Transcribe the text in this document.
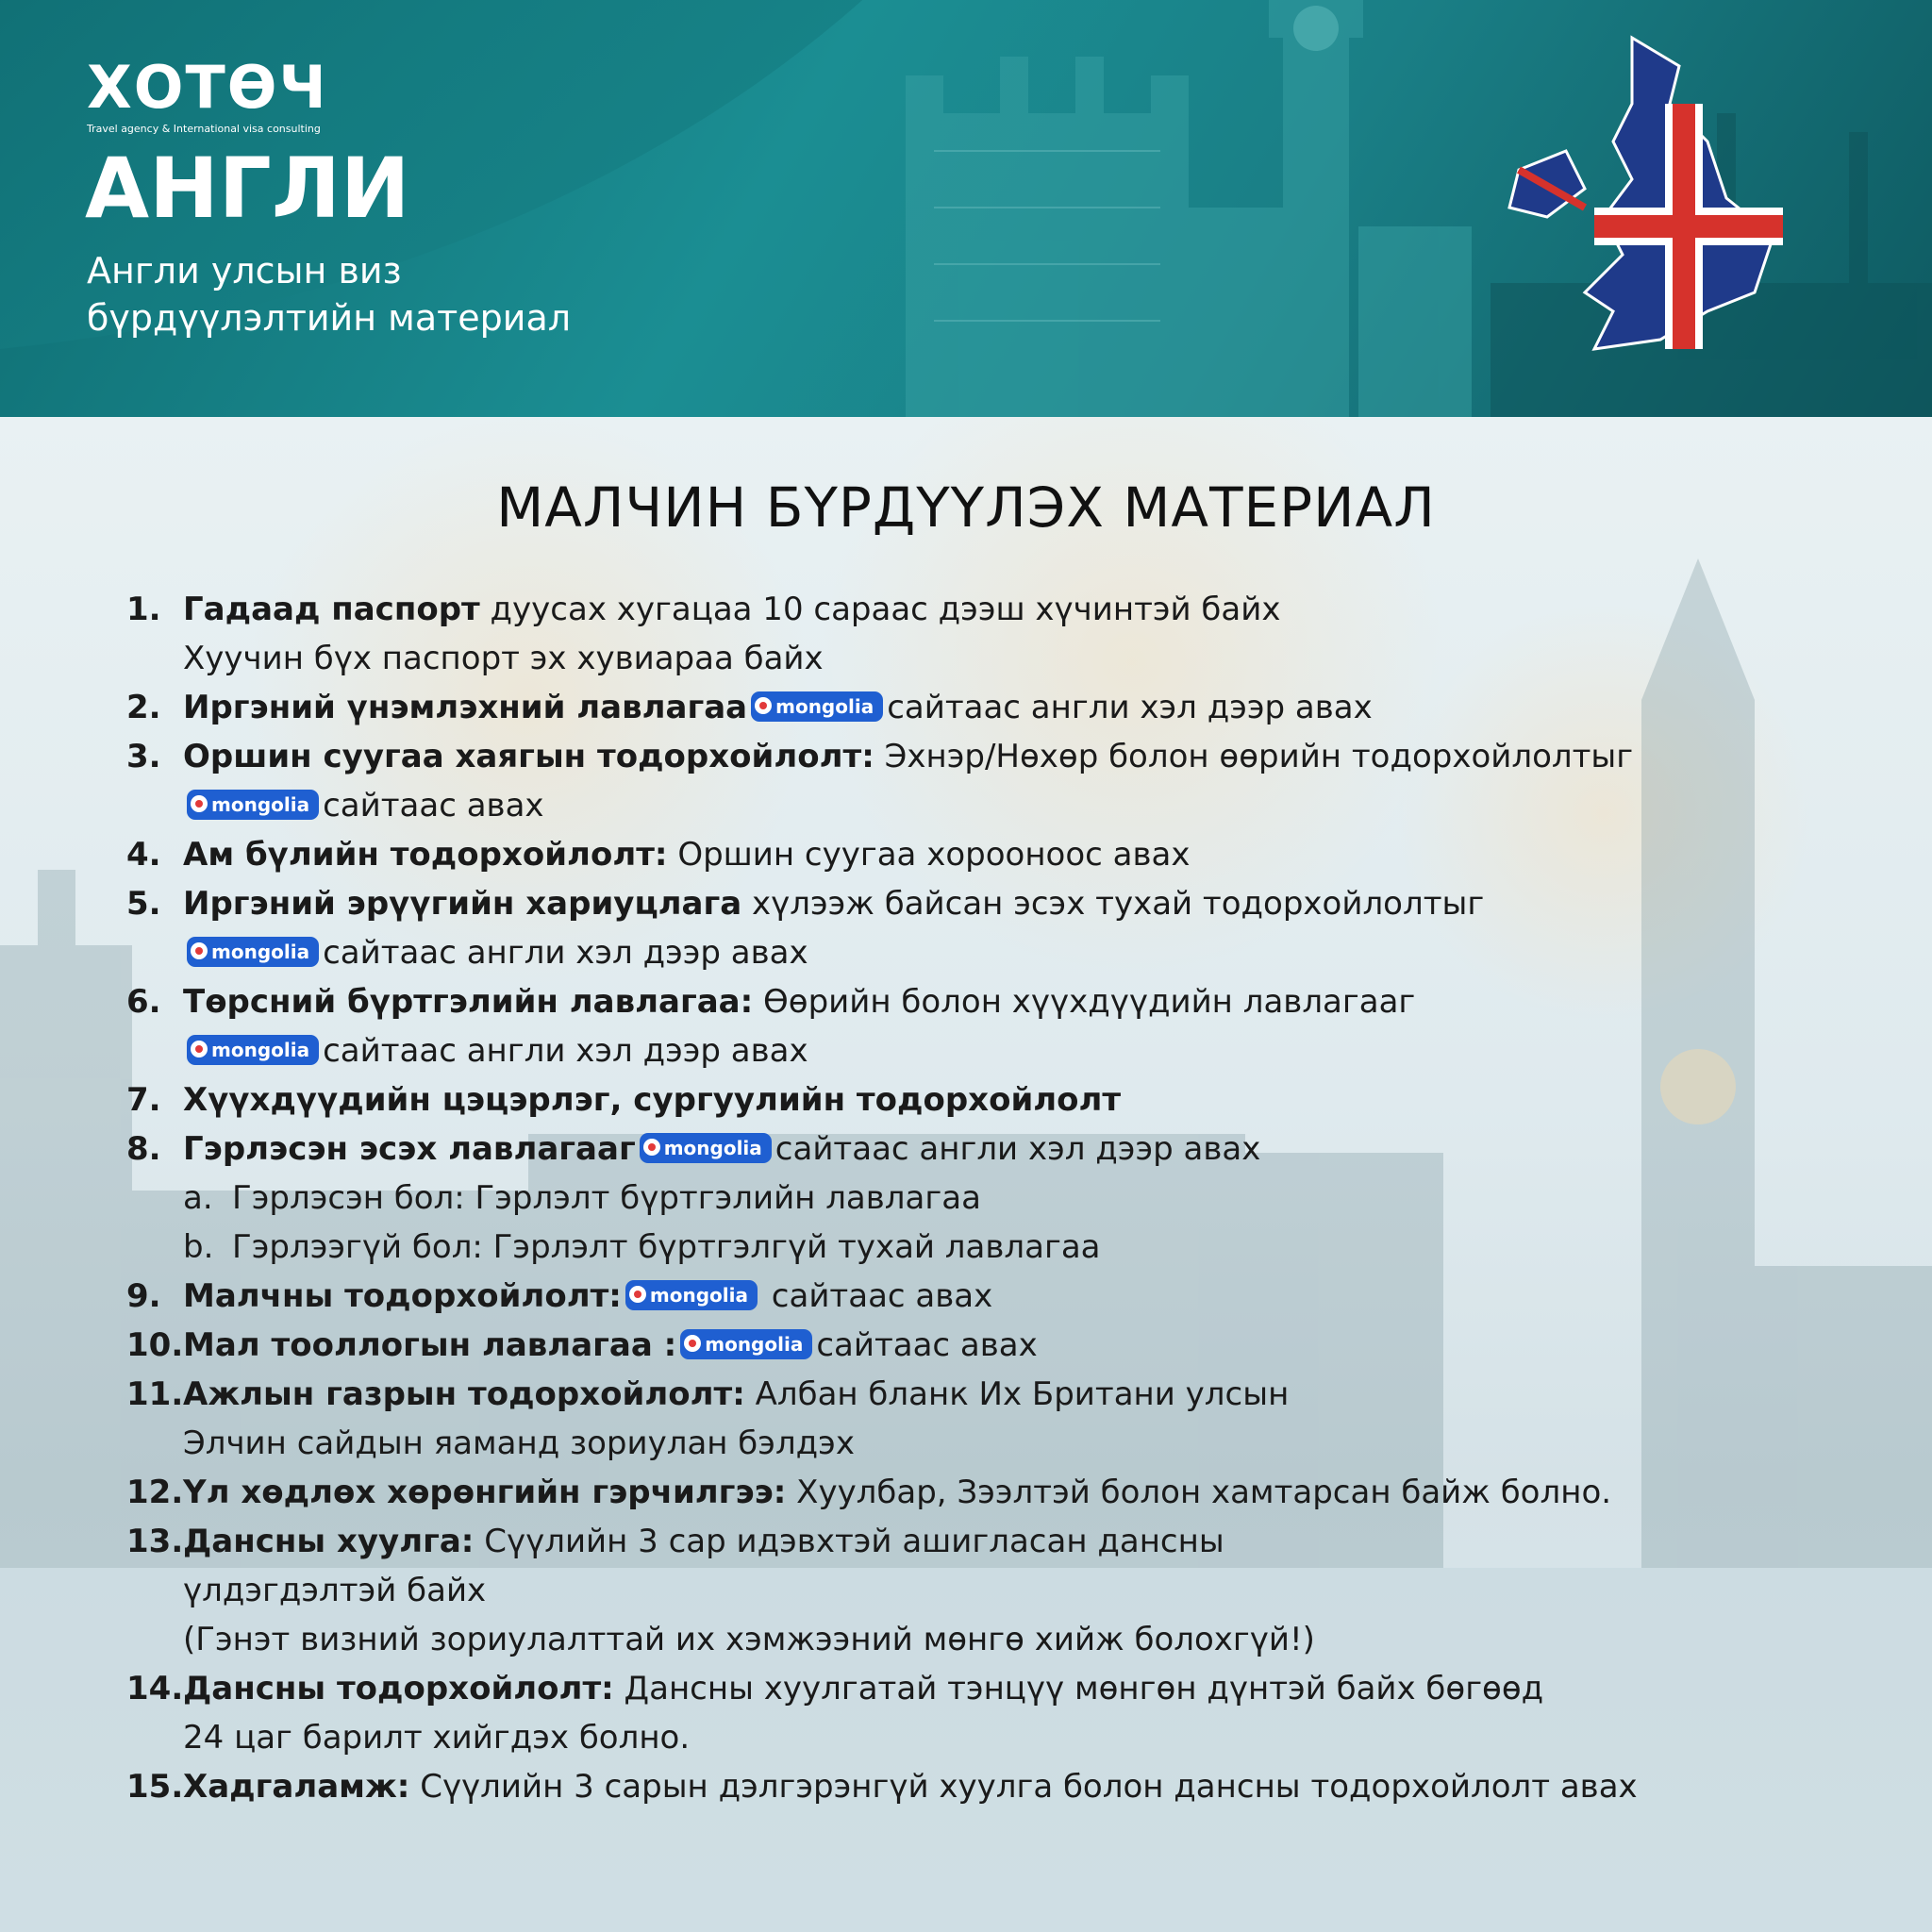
ХОТӨЧ
Travel agency & International visa consulting
АНГЛИ
Англи улсын виз
бүрдүүлэлтийн материал
МАЛЧИН БҮРДҮҮЛЭХ МАТЕРИАЛ
1. Гадаад паспорт дуусах хугацаа 10 сараас дээш хүчинтэй байх
Хуучин бүх паспорт эх хувиараа байх
2. Иргэний үнэмлэхний лавлагаа mongolia сайтаас англи хэл дээр авах
3. Оршин суугаа хаягын тодорхойлолт: Эхнэр/Нөхөр болон өөрийн тодорхойлолтыг
mongolia сайтаас авах
4. Ам бүлийн тодорхойлолт: Оршин суугаа хорооноос авах
5. Иргэний эрүүгийн хариуцлага хүлээж байсан эсэх тухай тодорхойлолтыг
mongolia сайтаас англи хэл дээр авах
6. Төрсний бүртгэлийн лавлагаа: Өөрийн болон хүүхдүүдийн лавлагааг
mongolia сайтаас англи хэл дээр авах
7. Хүүхдүүдийн цэцэрлэг, сургуулийн тодорхойлолт
8. Гэрлэсэн эсэх лавлагааг mongolia сайтаас англи хэл дээр авах
a. Гэрлэсэн бол: Гэрлэлт бүртгэлийн лавлагаа
b. Гэрлээгүй бол: Гэрлэлт бүртгэлгүй тухай лавлагаа
9. Малчны тодорхойлолт: mongolia сайтаас авах
10. Мал тооллогын лавлагаа : mongolia сайтаас авах
11. Ажлын газрын тодорхойлолт: Албан бланк Их Британи улсын
Элчин сайдын яаманд зориулан бэлдэх
12. Үл хөдлөх хөрөнгийн гэрчилгээ: Хуулбар, Зээлтэй болон хамтарсан байж болно.
13. Дансны хуулга: Сүүлийн 3 сар идэвхтэй ашигласан дансны
үлдэгдэлтэй байх
(Гэнэт визний зориулалттай их хэмжээний мөнгө хийж болохгүй!)
14. Дансны тодорхойлолт: Дансны хуулгатай тэнцүү мөнгөн дүнтэй байх бөгөөд
24 цаг барилт хийгдэх болно.
15. Хадгаламж: Сүүлийн 3 сарын дэлгэрэнгүй хуулга болон дансны тодорхойлолт авах
